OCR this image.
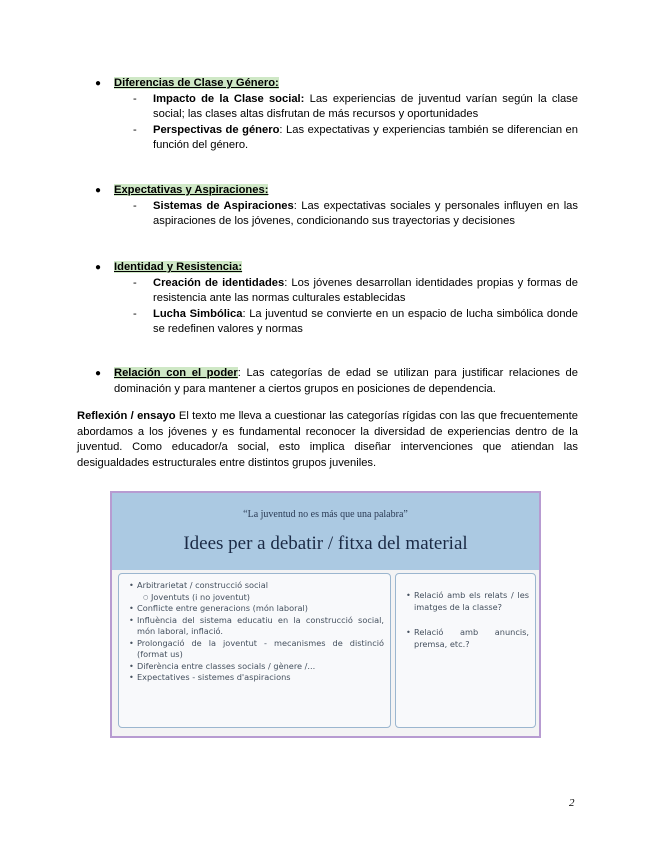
● Diferencias de Clase y Género:
- Impacto de la Clase social: Las experiencias de juventud varían según la clase social; las clases altas disfrutan de más recursos y oportunidades
- Perspectivas de género: Las expectativas y experiencias también se diferencian en función del género.
● Expectativas y Aspiraciones:
- Sistemas de Aspiraciones: Las expectativas sociales y personales influyen en las aspiraciones de los jóvenes, condicionando sus trayectorias y decisiones
● Identidad y Resistencia:
- Creación de identidades: Los jóvenes desarrollan identidades propias y formas de resistencia ante las normas culturales establecidas
- Lucha Simbólica: La juventud se convierte en un espacio de lucha simbólica donde se redefinen valores y normas
● Relación con el poder: Las categorías de edad se utilizan para justificar relaciones de dominación y para mantener a ciertos grupos en posiciones de dependencia.
Reflexión / ensayo El texto me lleva a cuestionar las categorías rígidas con las que frecuentemente abordamos a los jóvenes y es fundamental reconocer la diversidad de experiencias dentro de la juventud. Como educador/a social, esto implica diseñar intervenciones que atiendan las desigualdades estructurales entre distintos grupos juveniles.
“La juventud no es más que una palabra”
Idees per a debatir / fitxa del material
• Arbitrarietat / construcció social
○ Joventuts (i no joventut)
• Conflicte entre generacions (món laboral)
• Influència del sistema educatiu en la construcció social, món laboral, inflació.
• Prolongació de la joventut - mecanismes de distinció (format us)
• Diferència entre classes socials / gènere /...
• Expectatives - sistemes d'aspiracions
• Relació amb els relats / les imatges de la classe?
• Relació amb anuncis, premsa, etc.?
2
